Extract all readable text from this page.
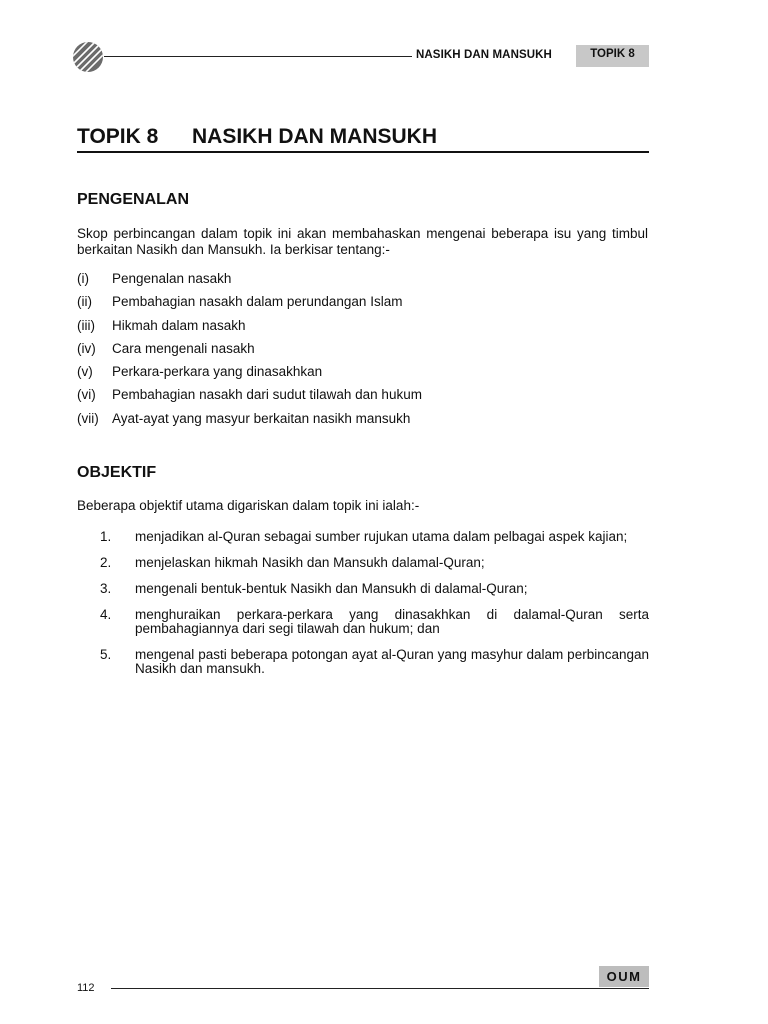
NASIKH DAN MANSUKH	TOPIK 8
TOPIK 8 NASIKH DAN MANSUKH
PENGENALAN
Skop perbincangan dalam topik ini akan membahaskan mengenai beberapa isu yang timbul berkaitan Nasikh dan Mansukh. Ia berkisar tentang:-
(i) Pengenalan nasakh
(ii) Pembahagian nasakh dalam perundangan Islam
(iii) Hikmah dalam nasakh
(iv) Cara mengenali nasakh
(v) Perkara-perkara yang dinasakhkan
(vi) Pembahagian nasakh dari sudut tilawah dan hukum
(vii) Ayat-ayat yang masyur berkaitan nasikh mansukh
OBJEKTIF
Beberapa objektif utama digariskan dalam topik ini ialah:-
1. menjadikan al-Quran sebagai sumber rujukan utama dalam pelbagai aspek kajian;
2. menjelaskan hikmah Nasikh dan Mansukh dalamal-Quran;
3. mengenali bentuk-bentuk Nasikh dan Mansukh di dalamal-Quran;
4. menghuraikan perkara-perkara yang dinasakhkan di dalamal-Quran serta pembahagiannya dari segi tilawah dan hukum; dan
5. mengenal pasti beberapa potongan ayat al-Quran yang masyhur dalam perbincangan Nasikh dan mansukh.
112
OUM
